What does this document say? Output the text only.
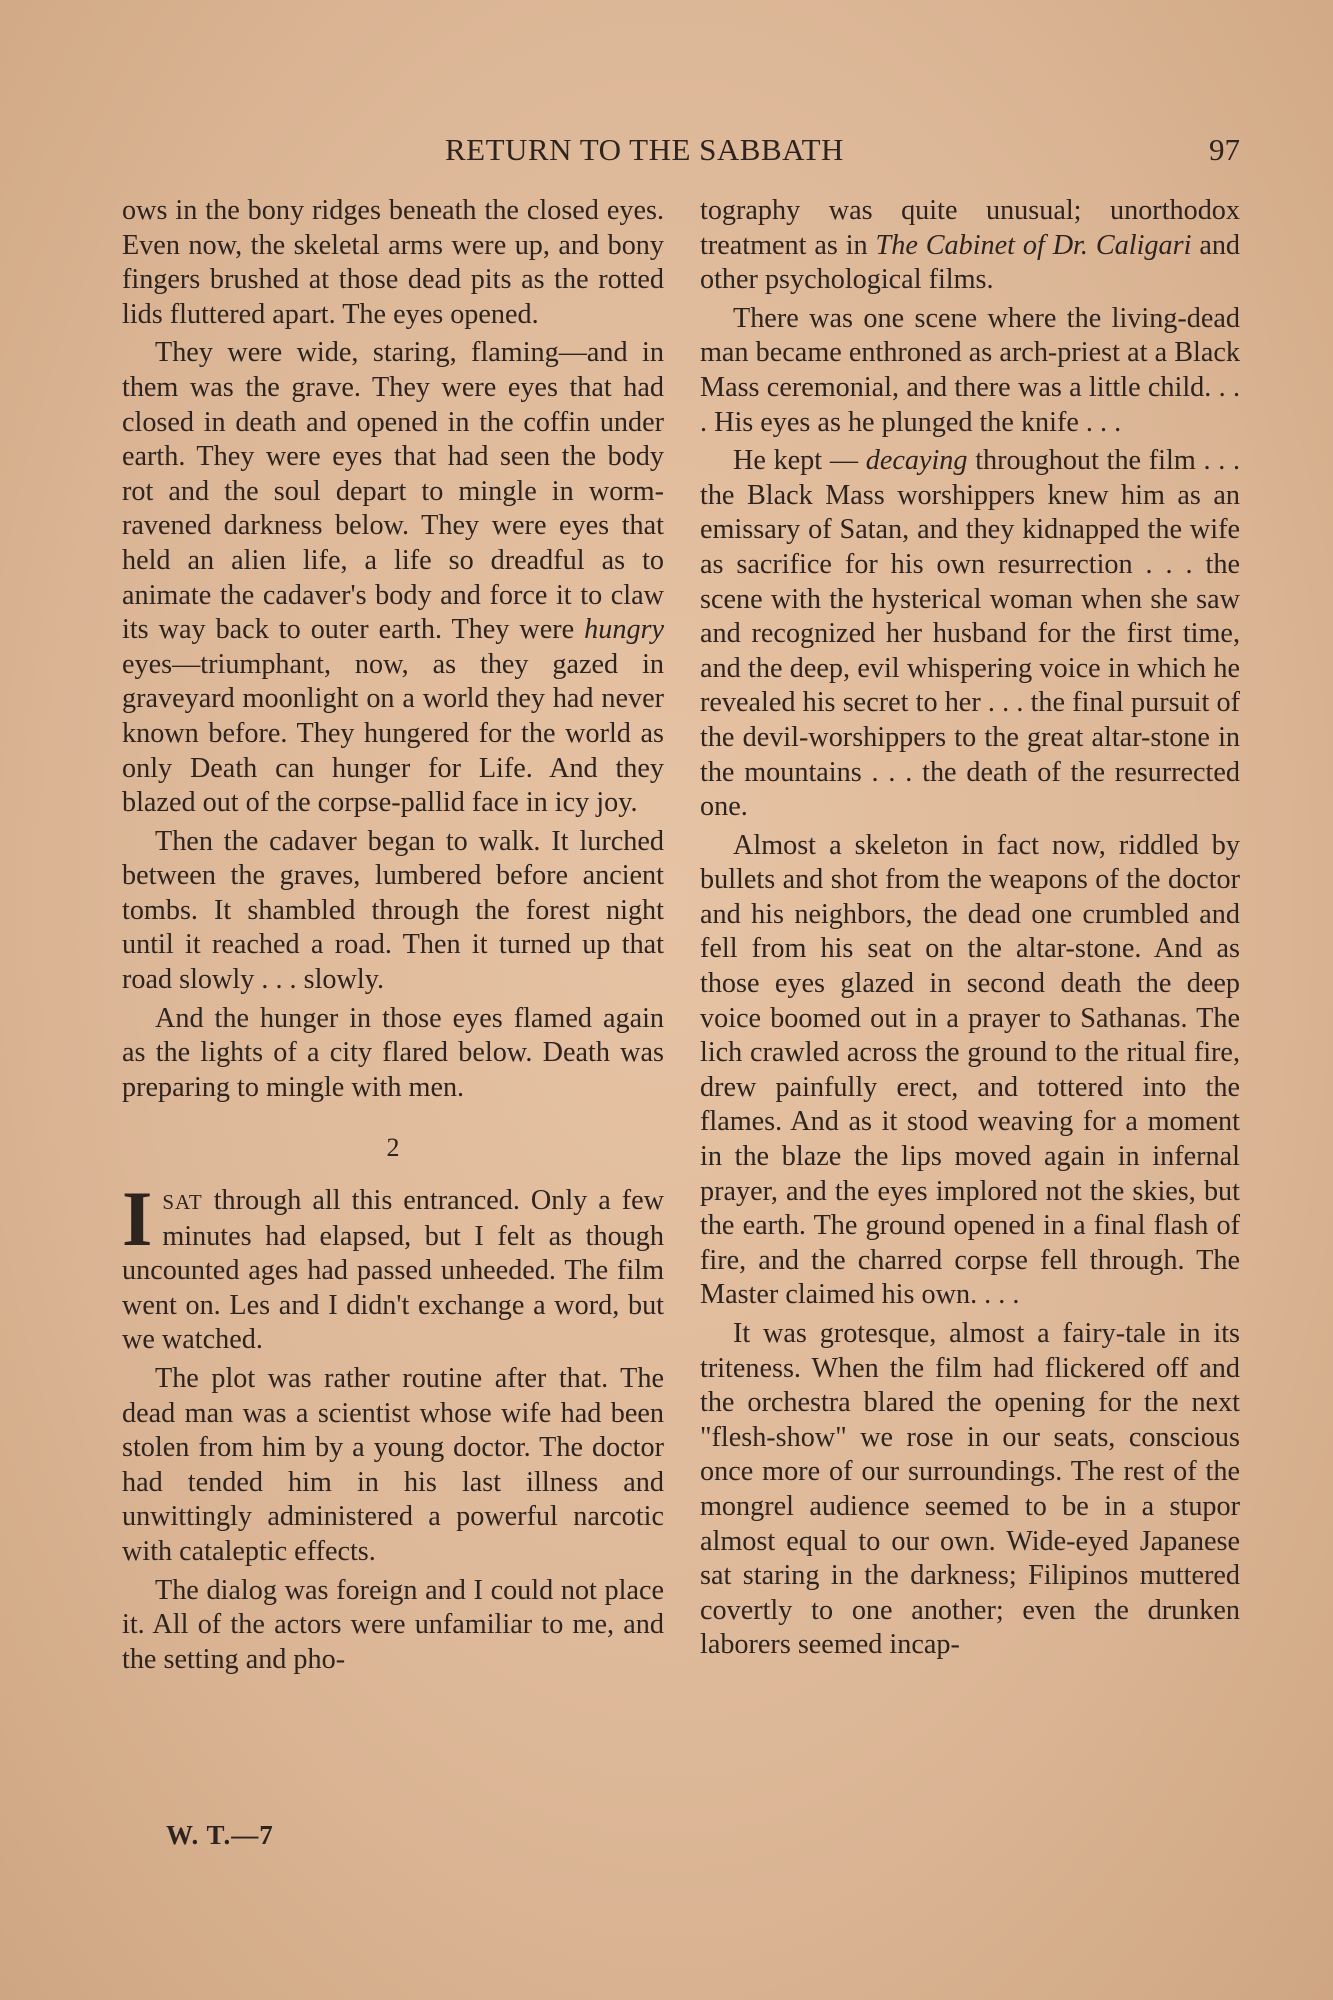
RETURN TO THE SABBATH	97

ows in the bony ridges beneath the closed eyes. Even now, the skeletal arms were up, and bony fingers brushed at those dead pits as the rotted lids fluttered apart. The eyes opened.

They were wide, staring, flaming—and in them was the grave. They were eyes that had closed in death and opened in the coffin under earth. They were eyes that had seen the body rot and the soul depart to mingle in worm-ravened darkness below. They were eyes that held an alien life, a life so dreadful as to animate the cadaver's body and force it to claw its way back to outer earth. They were hungry eyes—triumphant, now, as they gazed in graveyard moonlight on a world they had never known before. They hungered for the world as only Death can hunger for Life. And they blazed out of the corpse-pallid face in icy joy.

Then the cadaver began to walk. It lurched between the graves, lumbered before ancient tombs. It shambled through the forest night until it reached a road. Then it turned up that road slowly . . . slowly.

And the hunger in those eyes flamed again as the lights of a city flared below. Death was preparing to mingle with men.

2

ISAT through all this entranced. Only a few minutes had elapsed, but I felt as though uncounted ages had passed unheeded. The film went on. Les and I didn't exchange a word, but we watched.

The plot was rather routine after that. The dead man was a scientist whose wife had been stolen from him by a young doctor. The doctor had tended him in his last illness and unwittingly administered a powerful narcotic with cataleptic effects.

The dialog was foreign and I could not place it. All of the actors were unfamiliar to me, and the setting and pho-

tography was quite unusual; unorthodox treatment as in The Cabinet of Dr. Caligari and other psychological films.

There was one scene where the living-dead man became enthroned as arch-priest at a Black Mass ceremonial, and there was a little child. . . . His eyes as he plunged the knife . . .

He kept — decaying throughout the film . . . the Black Mass worshippers knew him as an emissary of Satan, and they kidnapped the wife as sacrifice for his own resurrection . . . the scene with the hysterical woman when she saw and recognized her husband for the first time, and the deep, evil whispering voice in which he revealed his secret to her . . . the final pursuit of the devil-worshippers to the great altar-stone in the mountains . . . the death of the resurrected one.

Almost a skeleton in fact now, riddled by bullets and shot from the weapons of the doctor and his neighbors, the dead one crumbled and fell from his seat on the altar-stone. And as those eyes glazed in second death the deep voice boomed out in a prayer to Sathanas. The lich crawled across the ground to the ritual fire, drew painfully erect, and tottered into the flames. And as it stood weaving for a moment in the blaze the lips moved again in infernal prayer, and the eyes implored not the skies, but the earth. The ground opened in a final flash of fire, and the charred corpse fell through. The Master claimed his own. . . .

It was grotesque, almost a fairy-tale in its triteness. When the film had flickered off and the orchestra blared the opening for the next "flesh-show" we rose in our seats, conscious once more of our surroundings. The rest of the mongrel audience seemed to be in a stupor almost equal to our own. Wide-eyed Japanese sat staring in the darkness; Filipinos muttered covertly to one another; even the drunken laborers seemed incap-

W. T.—7
